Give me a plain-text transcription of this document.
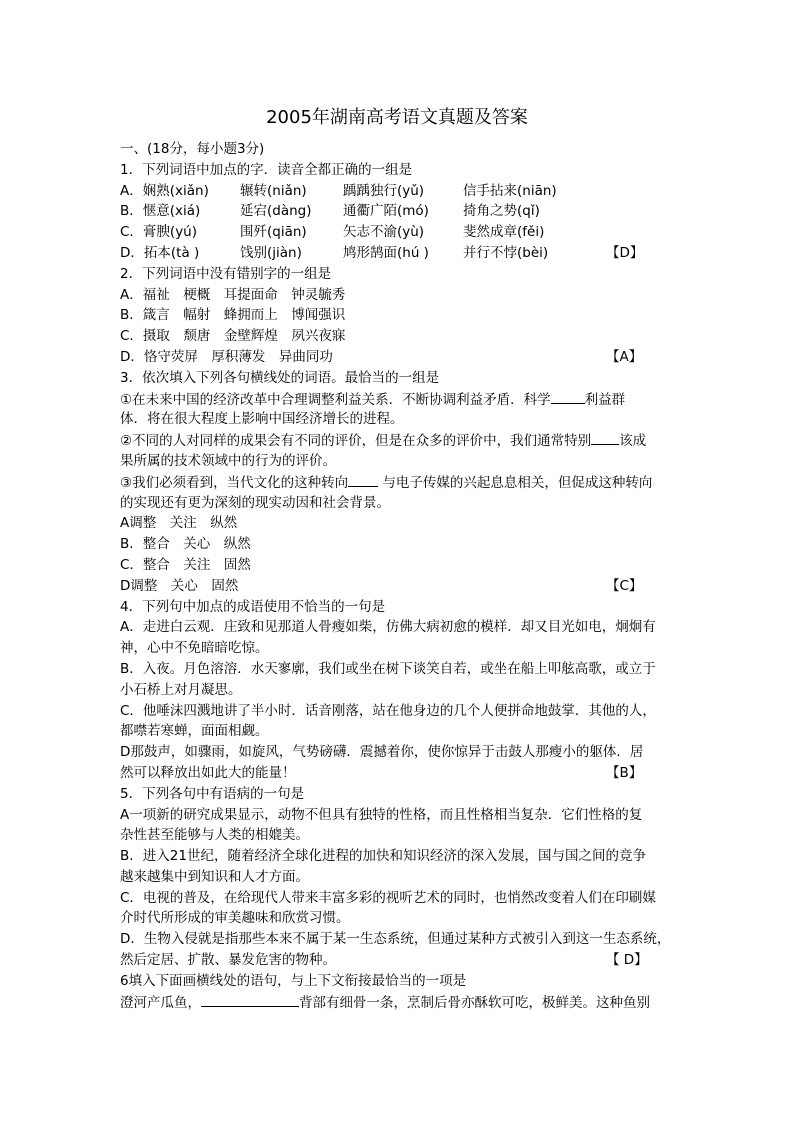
2005年湖南高考语文真题及答案
一、(18分，每小题3分)
1．下列词语中加点的字．读音全都正确的一组是
A．娴熟(xiǎn) 辗转(niǎn)	踽踽独行(yǔ)	信手拈来(niān)
B．惬意(xiá)	延宕(dàng) 通衢广陌(mó)	掎角之势(qǐ)
C．膏腴(yú)	围歼(qiān)	矢志不渝(yù)	斐然成章(fěi)
D．拓本(tà )	饯别(jiàn)	鸠形鹄面(hú )	并行不悖(bèi)	【D】
2．下列词语中没有错别字的一组是
A．福祉　梗概　耳提面命　钟灵毓秀
B．箴言　幅射　蜂拥而上　博闻强识
C．摄取　颓唐　金壁辉煌　夙兴夜寐
D．恪守荧屏　厚积薄发　异曲同功	【A】
3．依次填入下列各句横线处的词语。最恰当的一组是
①在未来中国的经济改革中合理调整利益关系．不断协调利益矛盾．科学	利益群
体．将在很大程度上影响中国经济增长的进程。
②不同的人对同样的成果会有不同的评价，但是在众多的评价中，我们通常特别 该成
果所属的技术领域中的行为的评价。
③我们必须看到，当代文化的这种转向 与电子传媒的兴起息息相关，但促成这种转向
的实现还有更为深刻的现实动因和社会背景。
A调整　关注　纵然
B．整合　关心　纵然
C．整合　关注　固然
D调整　关心　固然	【C】
4．下列句中加点的成语使用不恰当的一句是
A．走进白云观．庄致和见那道人骨瘦如柴，仿佛大病初愈的模样．却又目光如电，炯炯有
神，心中不免暗暗吃惊。
B．入夜。月色溶溶．水天寥廓，我们或坐在树下谈笑自若，或坐在船上叩舷高歌，或立于
小石桥上对月凝思。
C．他唾沫四溅地讲了半小时．话音刚落，站在他身边的几个人便拼命地鼓掌．其他的人，
都噤若寒蝉，面面相觑。
D那鼓声，如骤雨，如旋风，气势磅礴．震撼着你，使你惊异于击鼓人那瘦小的躯体．居
然可以释放出如此大的能量！	【B】
5．下列各句中有语病的一句是
A一项新的研究成果显示，动物不但具有独特的性格，而且性格相当复杂．它们性格的复
杂性甚至能够与人类的相媲美。
B．进入21世纪，随着经济全球化进程的加快和知识经济的深入发展，国与国之间的竞争
越来越集中到知识和人才方面。
C．电视的普及，在给现代人带来丰富多彩的视听艺术的同时，也悄然改变着人们在印刷媒
介时代所形成的审美趣味和欣赏习惯。
D．生物入侵就是指那些本来不属于某一生态系统，但通过某种方式被引入到这一生态系统，
然后定居、扩散、暴发危害的物种。	【 D】
6填入下面画横线处的语句，与上下文衔接最恰当的一项是
澄河产瓜鱼，	背部有细骨一条，烹制后骨亦酥软可吃，极鲜美。这种鱼别
